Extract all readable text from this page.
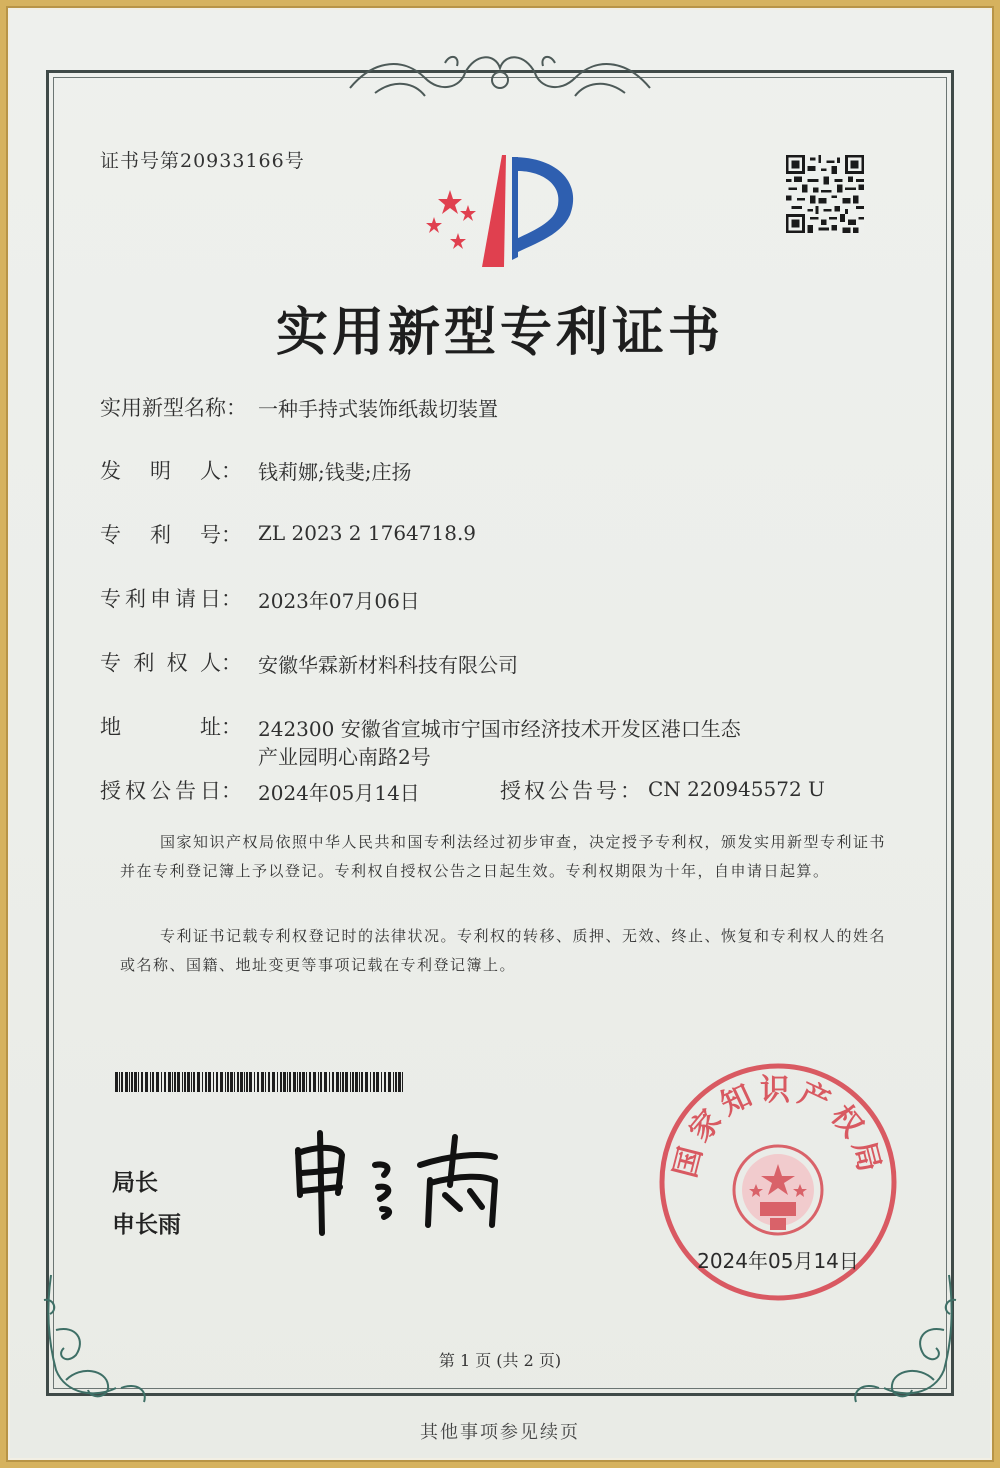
证书号第20933166号
实用新型专利证书
实用新型名称： 一种手持式装饰纸裁切装置
发 明 人： 钱莉娜;钱斐;庄扬
专 利 号： ZL 2023 2 1764718.9
专 利 申 请 日： 2023年07月06日
专 利 权 人： 安徽华霖新材料科技有限公司
地	址： 242300 安徽省宣城市宁国市经济技术开发区港口生态
产业园明心南路2号
授 权 公 告 日： 2024年05月14日	授权公告号： CN 220945572 U
国家知识产权局依照中华人民共和国专利法经过初步审查，决定授予专利权，颁发实用新型专利证书并在专利登记簿上予以登记。专利权自授权公告之日起生效。专利权期限为十年，自申请日起算。
专利证书记载专利权登记时的法律状况。专利权的转移、质押、无效、终止、恢复和专利权人的姓名或名称、国籍、地址变更等事项记载在专利登记簿上。
局长
申长雨
国家知识产权局
2024年05月14日
第 1 页 (共 2 页)
其他事项参见续页
